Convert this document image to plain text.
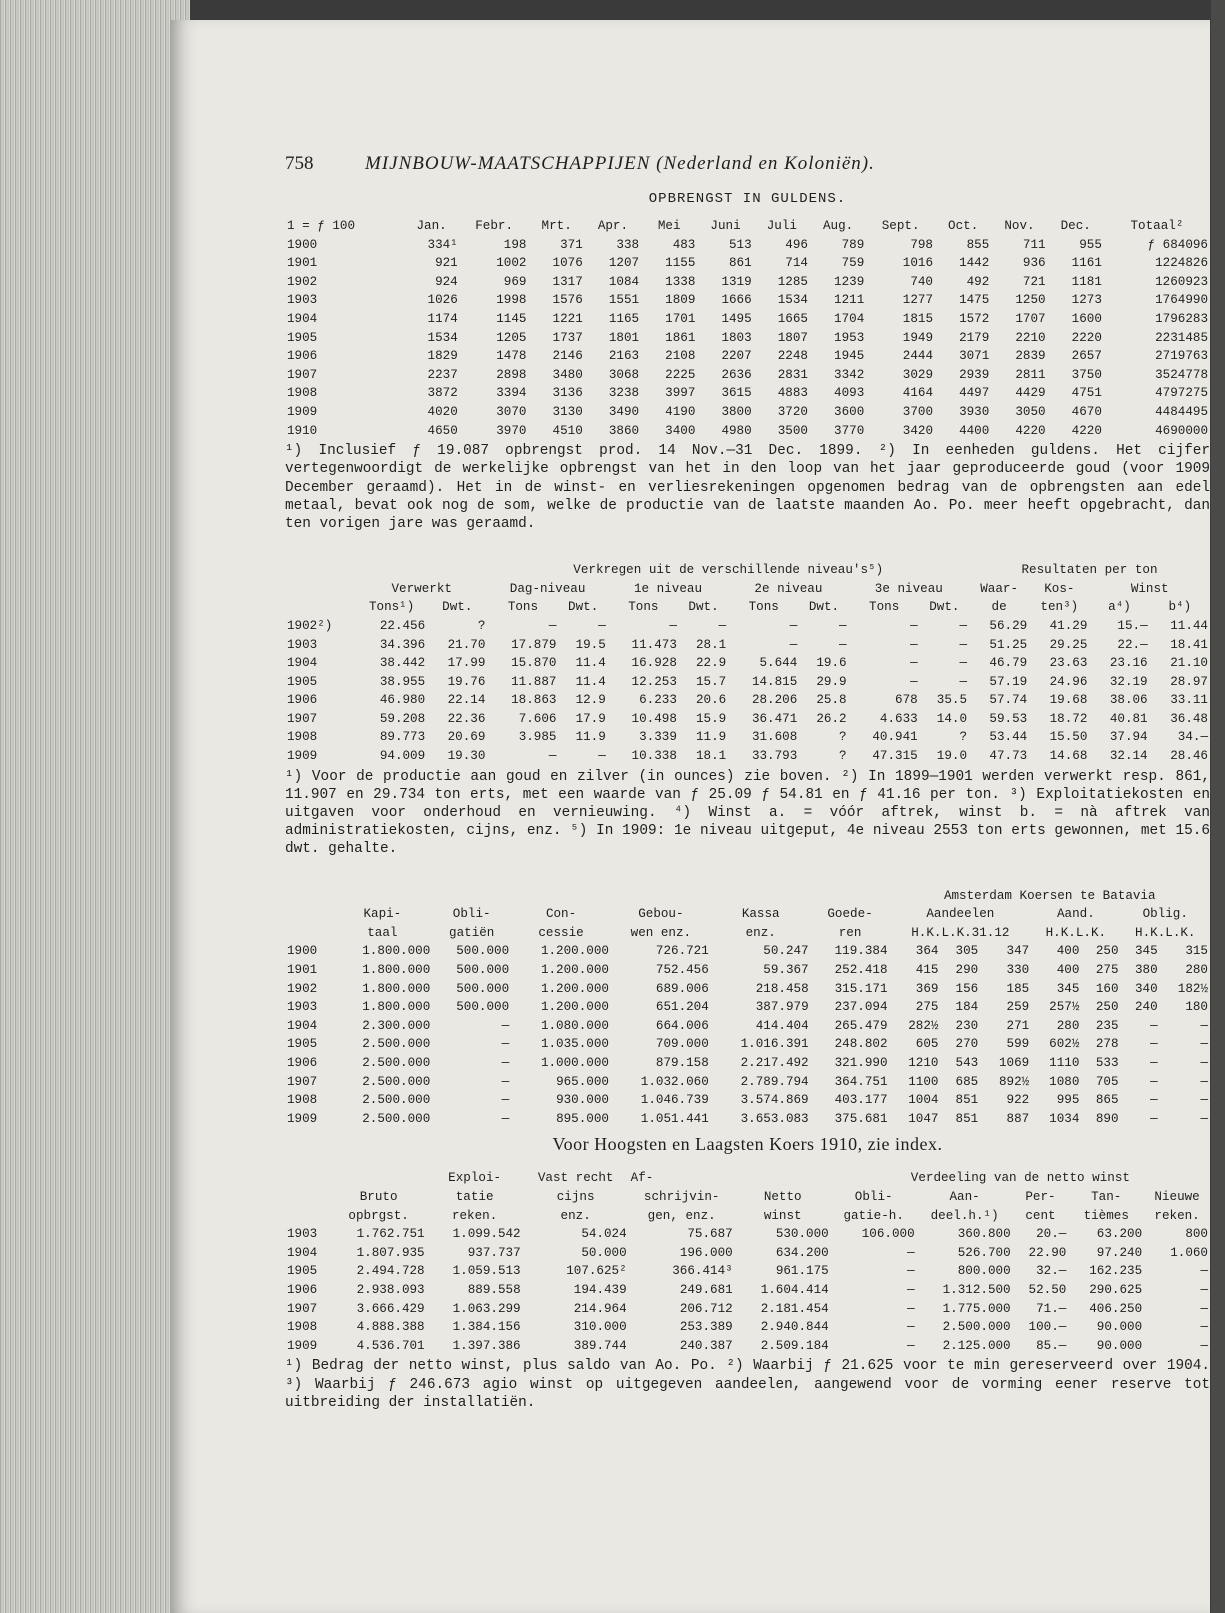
758	MIJNBOUW-MAATSCHAPPIJEN (Nederland en Koloniën).
OPBRENGST IN GULDENS.
1 = ƒ 100	Jan.	Febr.	Mrt.	Apr.	Mei	Juni	Juli	Aug.	Sept.	Oct.	Nov.	Dec.	Totaal²
1900	334¹	198	371	338	483	513	496	789	798	855	711	955	ƒ 684096
1901	921	1002	1076	1207	1155	861	714	759	1016	1442	936	1161	1224826
1902	924	969	1317	1084	1338	1319	1285	1239	740	492	721	1181	1260923
1903	1026	1998	1576	1551	1809	1666	1534	1211	1277	1475	1250	1273	1764990
1904	1174	1145	1221	1165	1701	1495	1665	1704	1815	1572	1707	1600	1796283
1905	1534	1205	1737	1801	1861	1803	1807	1953	1949	2179	2210	2220	2231485
1906	1829	1478	2146	2163	2108	2207	2248	1945	2444	3071	2839	2657	2719763
1907	2237	2898	3480	3068	2225	2636	2831	3342	3029	2939	2811	3750	3524778
1908	3872	3394	3136	3238	3997	3615	4883	4093	4164	4497	4429	4751	4797275
1909	4020	3070	3130	3490	4190	3800	3720	3600	3700	3930	3050	4670	4484495
1910	4650	3970	4510	3860	3400	4980	3500	3770	3420	4400	4220	4220	4690000

¹) Inclusief ƒ 19.087 opbrengst prod. 14 Nov.—31 Dec. 1899. ²) In eenheden guldens. Het cijfer vertegenwoordigt de werkelijke opbrengst van het in den loop van het jaar geproduceerde goud (voor 1909 December geraamd). Het in de winst- en verliesrekeningen opgenomen bedrag van de opbrengsten aan edel metaal, bevat ook nog de som, welke de productie van de laatste maanden Ao. Po. meer heeft opgebracht, dan ten vorigen jare was geraamd.

			Verkregen uit de verschillende niveau's⁵)								Resultaten per ton			
	Verwerkt		Dag-niveau		1e niveau		2e niveau		3e niveau		Waar-	Kos-	Winst	
	Tons¹)	Dwt.	Tons	Dwt.	Tons	Dwt.	Tons	Dwt.	Tons	Dwt.	de	ten³)	a⁴)	b⁴)
1902²)	22.456	?	—	—	—	—	—	—	—	—	56.29	41.29	15.—	11.44
1903	34.396	21.70	17.879	19.5	11.473	28.1	—	—	—	—	51.25	29.25	22.—	18.41
1904	38.442	17.99	15.870	11.4	16.928	22.9	5.644	19.6	—	—	46.79	23.63	23.16	21.10
1905	38.955	19.76	11.887	11.4	12.253	15.7	14.815	29.9	—	—	57.19	24.96	32.19	28.97
1906	46.980	22.14	18.863	12.9	6.233	20.6	28.206	25.8	678	35.5	57.74	19.68	38.06	33.11
1907	59.208	22.36	7.606	17.9	10.498	15.9	36.471	26.2	4.633	14.0	59.53	18.72	40.81	36.48
1908	89.773	20.69	3.985	11.9	3.339	11.9	31.608	?	40.941	?	53.44	15.50	37.94	34.—
1909	94.009	19.30	—	—	10.338	18.1	33.793	?	47.315	19.0	47.73	14.68	32.14	28.46

¹) Voor de productie aan goud en zilver (in ounces) zie boven. ²) In 1899—1901 werden verwerkt resp. 861, 11.907 en 29.734 ton erts, met een waarde van ƒ 25.09 ƒ 54.81 en ƒ 41.16 per ton. ³) Exploitatiekosten en uitgaven voor onderhoud en vernieuwing. ⁴) Winst a. = vóór aftrek, winst b. = nà aftrek van administratiekosten, cijns, enz. ⁵) In 1909: 1e niveau uitgeput, 4e niveau 2553 ton erts gewonnen, met 15.6 dwt. gehalte.

							Amsterdam Koersen te Batavia						
	Kapi-	Obli-	Con-	Gebou-	Kassa	Goede-	Aandeelen			Aand.		Oblig.	
	taal	gatiën	cessie	wen enz.	enz.	ren	H.K.L.K.31.12			H.K.L.K.		H.K.L.K.	
1900	1.800.000	500.000	1.200.000	726.721	50.247	119.384	364	305	347	400	250	345	315
1901	1.800.000	500.000	1.200.000	752.456	59.367	252.418	415	290	330	400	275	380	280
1902	1.800.000	500.000	1.200.000	689.006	218.458	315.171	369	156	185	345	160	340	182½
1903	1.800.000	500.000	1.200.000	651.204	387.979	237.094	275	184	259	257½	250	240	180
1904	2.300.000	—	1.080.000	664.006	414.404	265.479	282½	230	271	280	235	—	—
1905	2.500.000	—	1.035.000	709.000	1.016.391	248.802	605	270	599	602½	278	—	—
1906	2.500.000	—	1.000.000	879.158	2.217.492	321.990	1210	543	1069	1110	533	—	—
1907	2.500.000	—	965.000	1.032.060	2.789.794	364.751	1100	685	892½	1080	705	—	—
1908	2.500.000	—	930.000	1.046.739	3.574.869	403.177	1004	851	922	995	865	—	—
1909	2.500.000	—	895.000	1.051.441	3.653.083	375.681	1047	851	887	1034	890	—	—
Voor Hoogsten en Laagsten Koers 1910, zie index.
		Exploi-	Vast recht	Af-		Verdeeling van de netto winst				
	Bruto	tatie	cijns	schrijvin-	Netto	Obli-	Aan-	Per-	Tan-	Nieuwe
	opbrgst.	reken.	enz.	gen, enz.	winst	gatie-h.	deel.h.¹)	cent	tièmes	reken.
1903	1.762.751	1.099.542	54.024	75.687	530.000	106.000	360.800	20.—	63.200	800
1904	1.807.935	937.737	50.000	196.000	634.200	—	526.700	22.90	97.240	1.060
1905	2.494.728	1.059.513	107.625²	366.414³	961.175	—	800.000	32.—	162.235	—
1906	2.938.093	889.558	194.439	249.681	1.604.414	—	1.312.500	52.50	290.625	—
1907	3.666.429	1.063.299	214.964	206.712	2.181.454	—	1.775.000	71.—	406.250	—
1908	4.888.388	1.384.156	310.000	253.389	2.940.844	—	2.500.000	100.—	90.000	—
1909	4.536.701	1.397.386	389.744	240.387	2.509.184	—	2.125.000	85.—	90.000	—

¹) Bedrag der netto winst, plus saldo van Ao. Po. ²) Waarbij ƒ 21.625 voor te min gereserveerd over 1904. ³) Waarbij ƒ 246.673 agio winst op uitgegeven aandeelen, aangewend voor de vorming eener reserve tot uitbreiding der installatiën.
